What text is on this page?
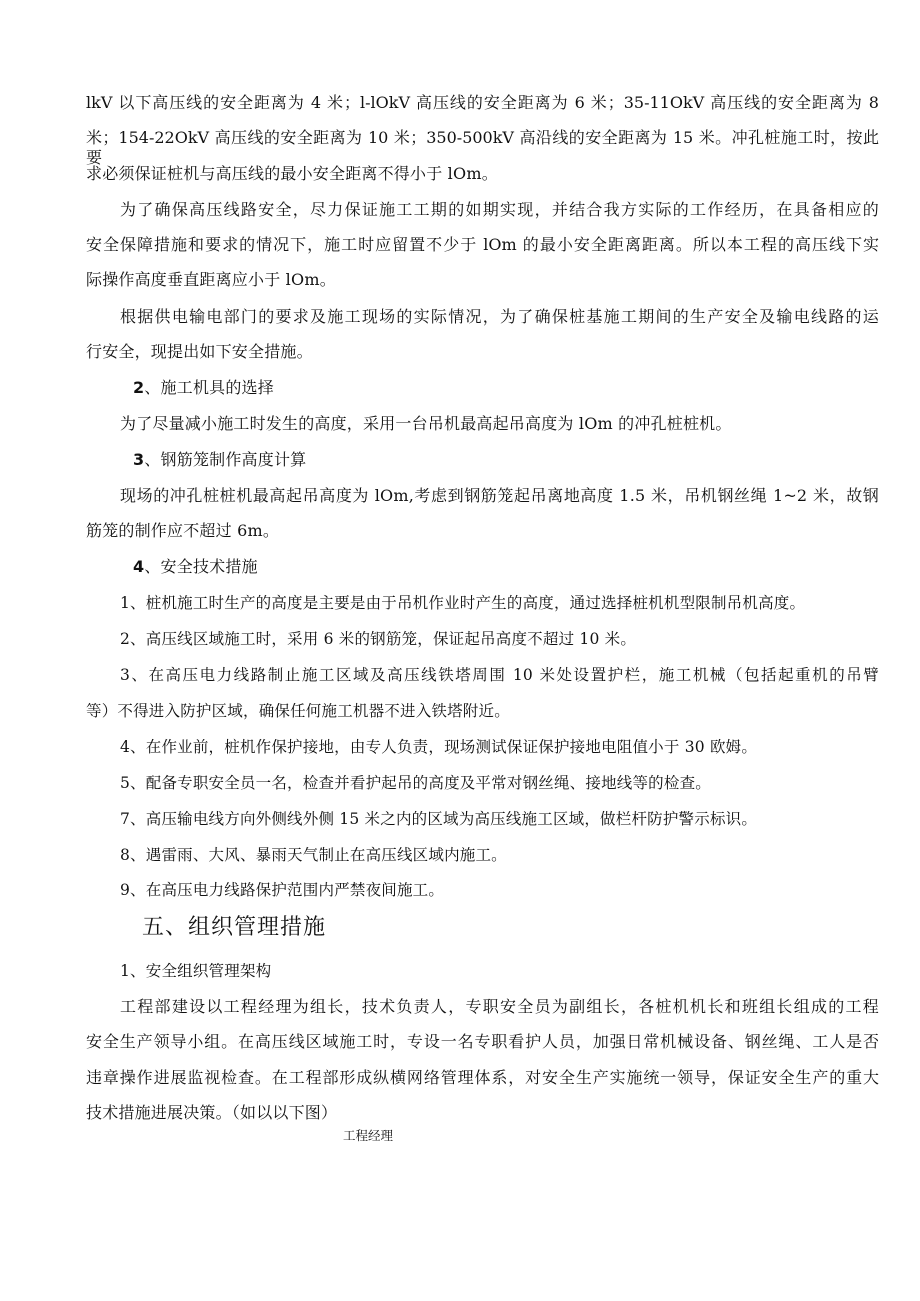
lkV 以下高压线的安全距离为 4 米；l-lOkV 高压线的安全距离为 6 米；35-11OkV 高压线的安全距离为 8
米；154-22OkV 高压线的安全距离为 10 米；350-500kV 高沿线的安全距离为 15 米。冲孔桩施工时，按此要
求必须保证桩机与高压线的最小安全距离不得小于 lOm。
为了确保高压线路安全，尽力保证施工工期的如期实现，并结合我方实际的工作经历，在具备相应的
安全保障措施和要求的情况下，施工时应留置不少于 lOm 的最小安全距离距离。所以本工程的高压线下实
际操作高度垂直距离应小于 lOm。
根据供电输电部门的要求及施工现场的实际情况，为了确保桩基施工期间的生产安全及输电线路的运
行安全，现提出如下安全措施。
2、施工机具的选择
为了尽量减小施工时发生的高度，采用一台吊机最高起吊高度为 lOm 的冲孔桩桩机。
3、钢筋笼制作高度计算
现场的冲孔桩桩机最高起吊高度为 lOm,考虑到钢筋笼起吊离地高度 1.5 米，吊机钢丝绳 1~2 米，故钢
筋笼的制作应不超过 6m。
4、安全技术措施
1、桩机施工时生产的高度是主要是由于吊机作业时产生的高度，通过选择桩机机型限制吊机高度。
2、高压线区域施工时，采用 6 米的钢筋笼，保证起吊高度不超过 10 米。
3、在高压电力线路制止施工区域及高压线铁塔周围 10 米处设置护栏，施工机械（包括起重机的吊臂
等）不得进入防护区域，确保任何施工机器不进入铁塔附近。
4、在作业前，桩机作保护接地，由专人负责，现场测试保证保护接地电阻值小于 30 欧姆。
5、配备专职安全员一名，检查并看护起吊的高度及平常对钢丝绳、接地线等的检查。
7、高压输电线方向外侧线外侧 15 米之内的区域为高压线施工区域，做栏杆防护警示标识。
8、遇雷雨、大风、暴雨天气制止在高压线区域内施工。
9、在高压电力线路保护范围内严禁夜间施工。
五、组织管理措施
1、安全组织管理架构
工程部建设以工程经理为组长，技术负责人，专职安全员为副组长，各桩机机长和班组长组成的工程
安全生产领导小组。在高压线区域施工时，专设一名专职看护人员，加强日常机械设备、钢丝绳、工人是否
违章操作进展监视检查。在工程部形成纵横网络管理体系，对安全生产实施统一领导，保证安全生产的重大
技术措施进展决策。（如以以下图）
工程经理
